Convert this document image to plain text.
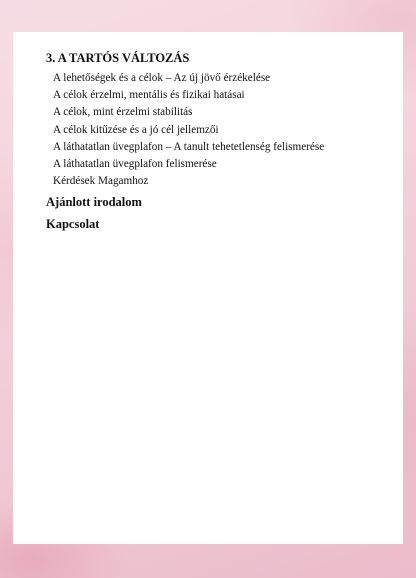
3. A TARTÓS VÁLTOZÁS
A lehetőségek és a célok – Az új jövő érzékelése
A célok érzelmi, mentális és fizikai hatásai
A célok, mint érzelmi stabilitás
A célok kitűzése és a jó cél jellemzői
A láthatatlan üvegplafon – A tanult tehetetlenség felismerése
A láthatatlan üvegplafon felismerése
Kérdések Magamhoz
Ajánlott irodalom
Kapcsolat
